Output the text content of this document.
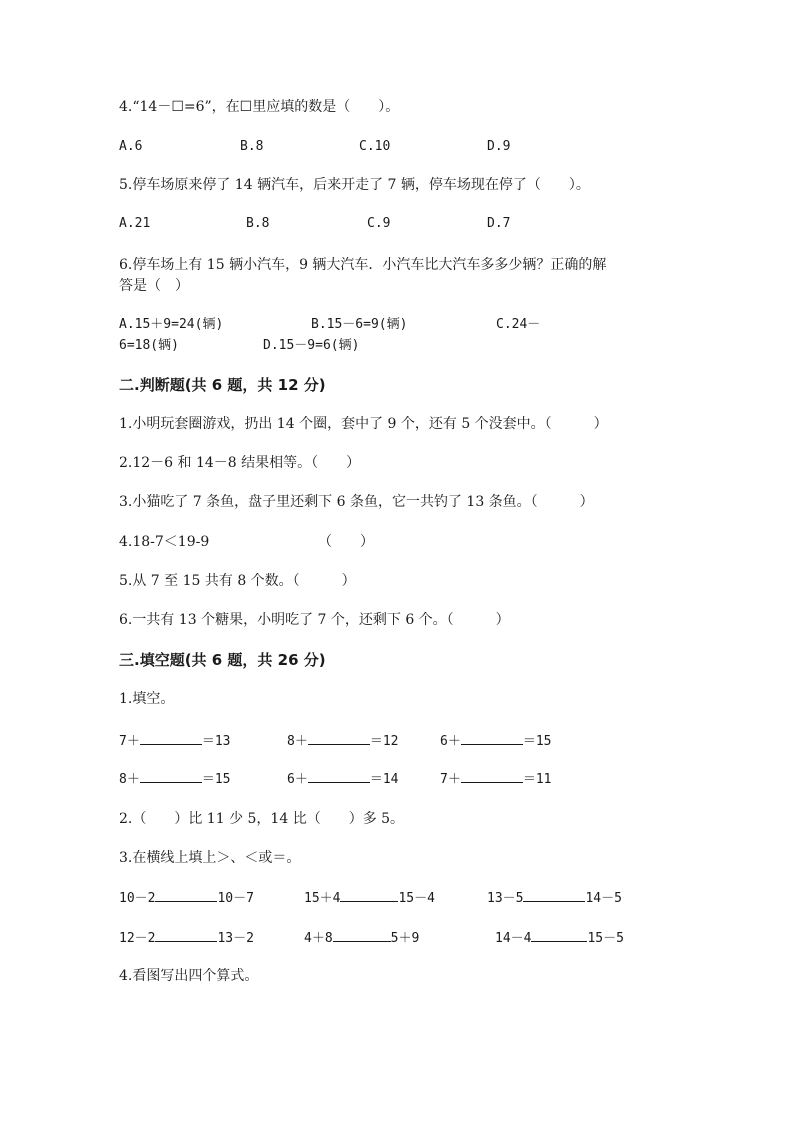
4.“14－☐=6”，在☐里应填的数是（　　）。
A.6	B.8	C.10	D.9
5.停车场原来停了 14 辆汽车，后来开走了 7 辆，停车场现在停了（　　）。
A.21	B.8	C.9	D.7
6.停车场上有 15 辆小汽车，9 辆大汽车．小汽车比大汽车多多少辆？正确的解
答是（　）
A.15＋9=24(辆)	B.15－6=9(辆)	C.24－
6=18(辆)	D.15－9=6(辆)
二.判断题(共 6 题，共 12 分)
1.小明玩套圈游戏，扔出 14 个圈，套中了 9 个，还有 5 个没套中。（　　　）
2.12－6 和 14－8 结果相等。（　　）
3.小猫吃了 7 条鱼，盘子里还剩下 6 条鱼，它一共钓了 13 条鱼。（　　　）
4.18-7＜19-9	（　　）
5.从 7 至 15 共有 8 个数。（　　　）
6.一共有 13 个糖果，小明吃了 7 个，还剩下 6 个。（　　　）
三.填空题(共 6 题，共 26 分)
1.填空。
7＋	＝13	8＋	＝12	6＋	＝15
8＋	＝15	6＋	＝14	7＋	＝11
2.（　　）比 11 少 5，14 比（　　）多 5。
3.在横线上填上＞、＜或＝。
10－2	10－7	15＋4	15－4	13－5	14－5
12－2	13－2	4＋8	5＋9	14－4	15－5
4.看图写出四个算式。
